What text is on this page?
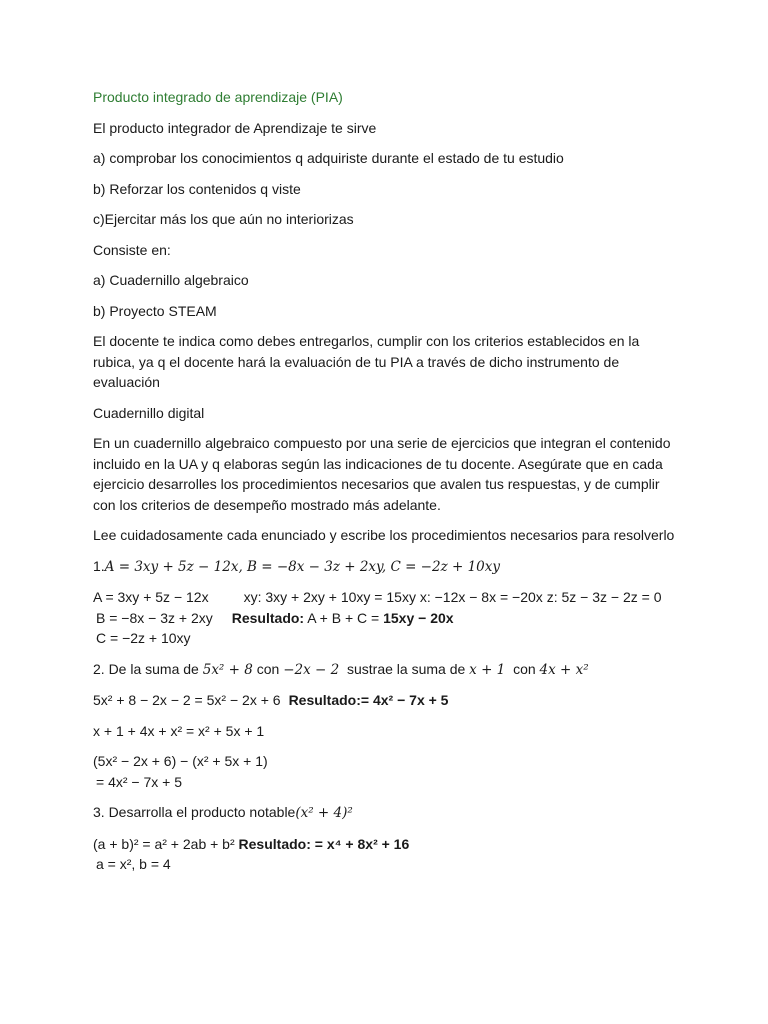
Producto integrado de aprendizaje (PIA)

El producto integrador de Aprendizaje te sirve

a) comprobar los conocimientos q adquiriste durante el estado de tu estudio

b) Reforzar los contenidos q viste

c)Ejercitar más los que aún no interiorizas

Consiste en:

a) Cuadernillo algebraico

b) Proyecto STEAM

El docente te indica como debes entregarlos, cumplir con los criterios establecidos en la rubica, ya q el docente hará la evaluación de tu PIA a través de dicho instrumento de evaluación

Cuadernillo digital

En un cuadernillo algebraico compuesto por una serie de ejercicios que integran el contenido incluido en la UA y q elaboras según las indicaciones de tu docente. Asegúrate que en cada ejercicio desarrolles los procedimientos necesarios que avalen tus respuestas, y de cumplir con los criterios de desempeño mostrado más adelante.

Lee cuidadosamente cada enunciado y escribe los procedimientos necesarios para resolverlo

1.A = 3xy + 5z − 12x, B = −8x − 3z + 2xy, C = −2z + 10xy

A = 3xy + 5z − 12x	xy: 3xy + 2xy + 10xy = 15xy x: −12x − 8x = −20x z: 5z − 3z − 2z = 0
B = −8x − 3z + 2xy Resultado: A + B + C = 15xy − 20x
C = −2z + 10xy

2. De la suma de 5x² + 8 con −2x − 2 sustrae la suma de x + 1 con 4x + x²

5x² + 8 − 2x − 2 = 5x² − 2x + 6 Resultado:= 4x² − 7x + 5

x + 1 + 4x + x² = x² + 5x + 1

(5x² − 2x + 6) − (x² + 5x + 1)
= 4x² − 7x + 5

3. Desarrolla el producto notable(x² + 4)²

(a + b)² = a² + 2ab + b² Resultado: = x⁴ + 8x² + 16
a = x², b = 4
